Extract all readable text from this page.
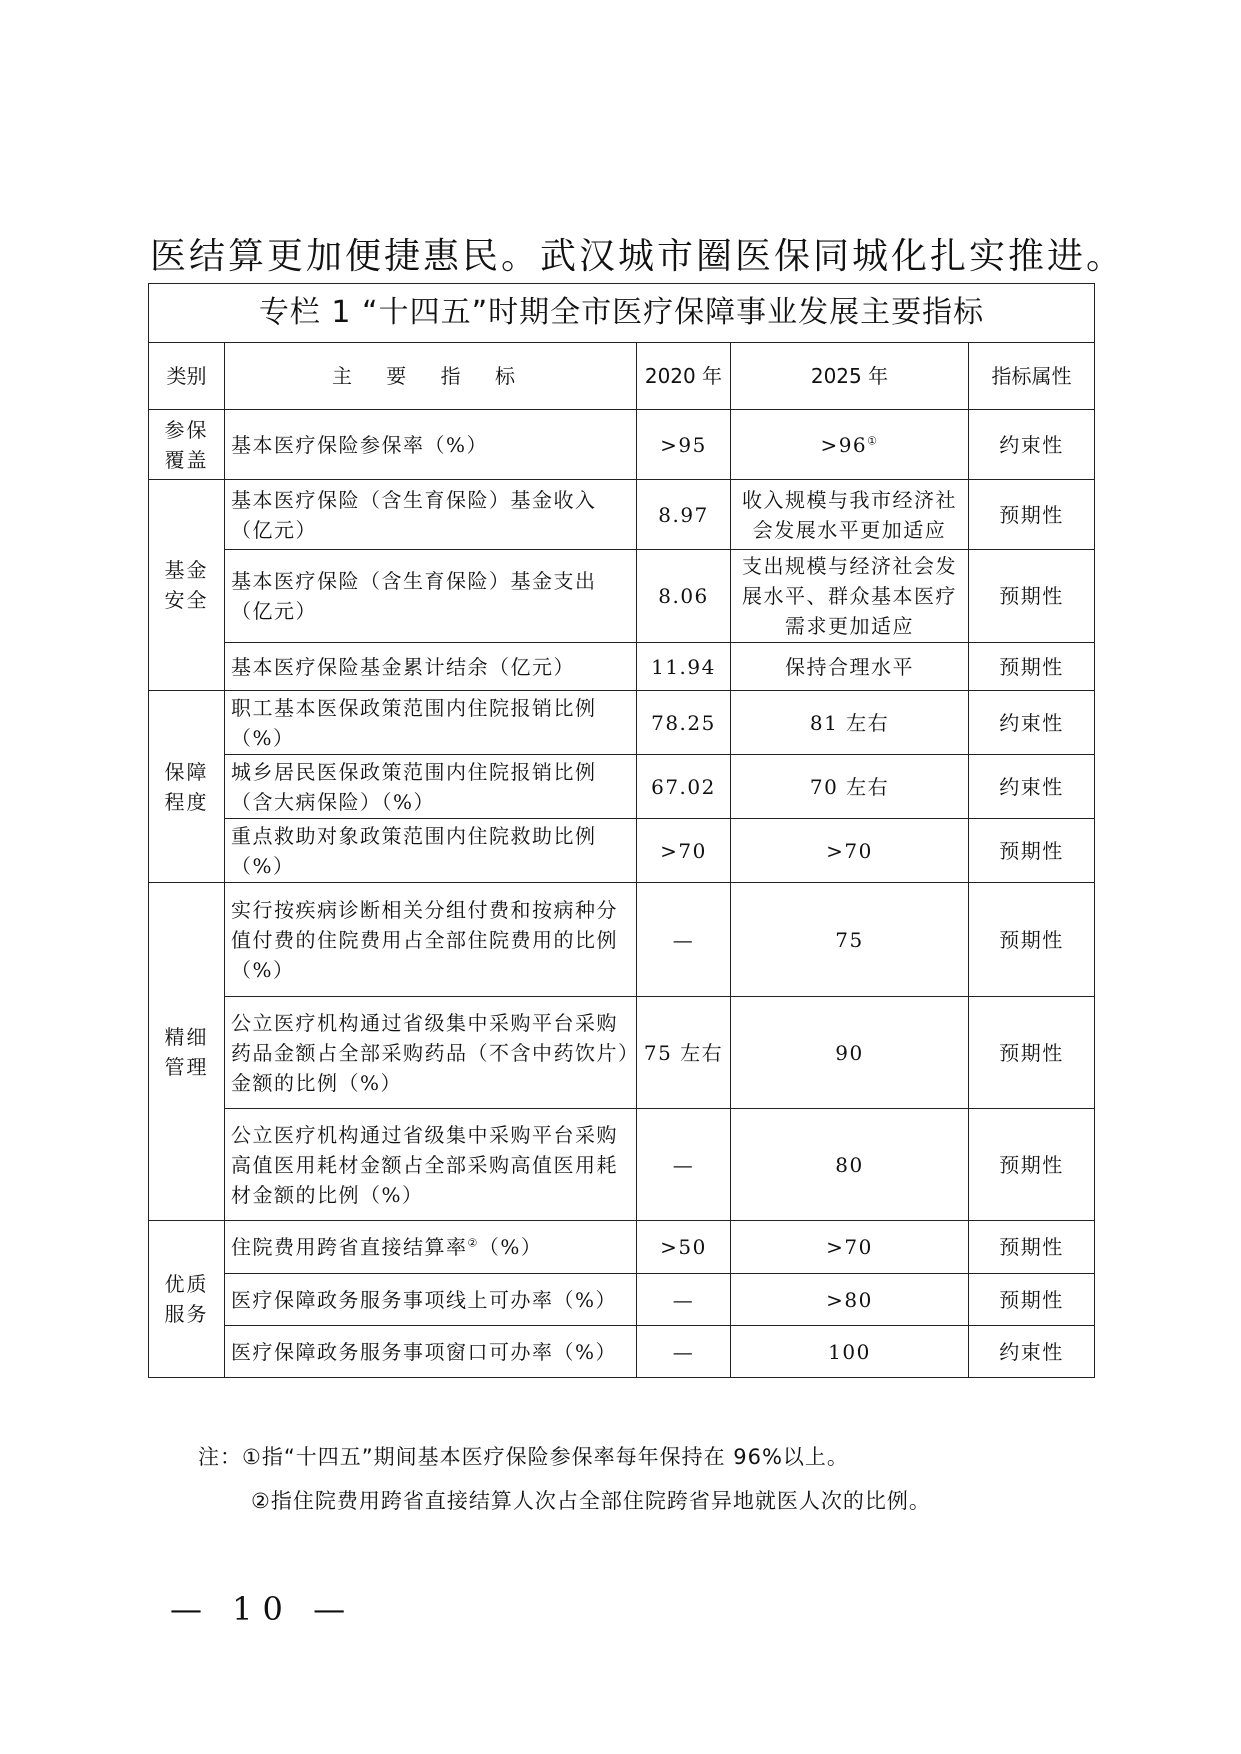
医结算更加便捷惠民。武汉城市圈医保同城化扎实推进。
专栏 1 “十四五”时期全市医疗保障事业发展主要指标				
类别	主 要 指 标	2020 年	2025 年	指标属性
参保覆盖	基本医疗保险参保率（%）	>95	>96①	约束性
基金安全	基本医疗保险（含生育保险）基金收入（亿元）	8.97	收入规模与我市经济社会发展水平更加适应	预期性
	基本医疗保险（含生育保险）基金支出（亿元）	8.06	支出规模与经济社会发展水平、群众基本医疗需求更加适应	预期性
	基本医疗保险基金累计结余（亿元）	11.94	保持合理水平	预期性
保障程度	职工基本医保政策范围内住院报销比例（%）	78.25	81 左右	约束性
	城乡居民医保政策范围内住院报销比例（含大病保险）（%）	67.02	70 左右	约束性
	重点救助对象政策范围内住院救助比例（%）	>70	>70	预期性
精细管理	实行按疾病诊断相关分组付费和按病种分值付费的住院费用占全部住院费用的比例（%）	—	75	预期性
	公立医疗机构通过省级集中采购平台采购药品金额占全部采购药品（不含中药饮片）金额的比例（%）	75 左右	90	预期性
	公立医疗机构通过省级集中采购平台采购高值医用耗材金额占全部采购高值医用耗材金额的比例（%）	—	80	预期性
优质服务	住院费用跨省直接结算率②（%）	>50	>70	预期性
	医疗保障政务服务事项线上可办率（%）	—	>80	预期性
	医疗保障政务服务事项窗口可办率（%）	—	100	约束性
注：①指“十四五”期间基本医疗保险参保率每年保持在 96%以上。
②指住院费用跨省直接结算人次占全部住院跨省异地就医人次的比例。
— 10 —
